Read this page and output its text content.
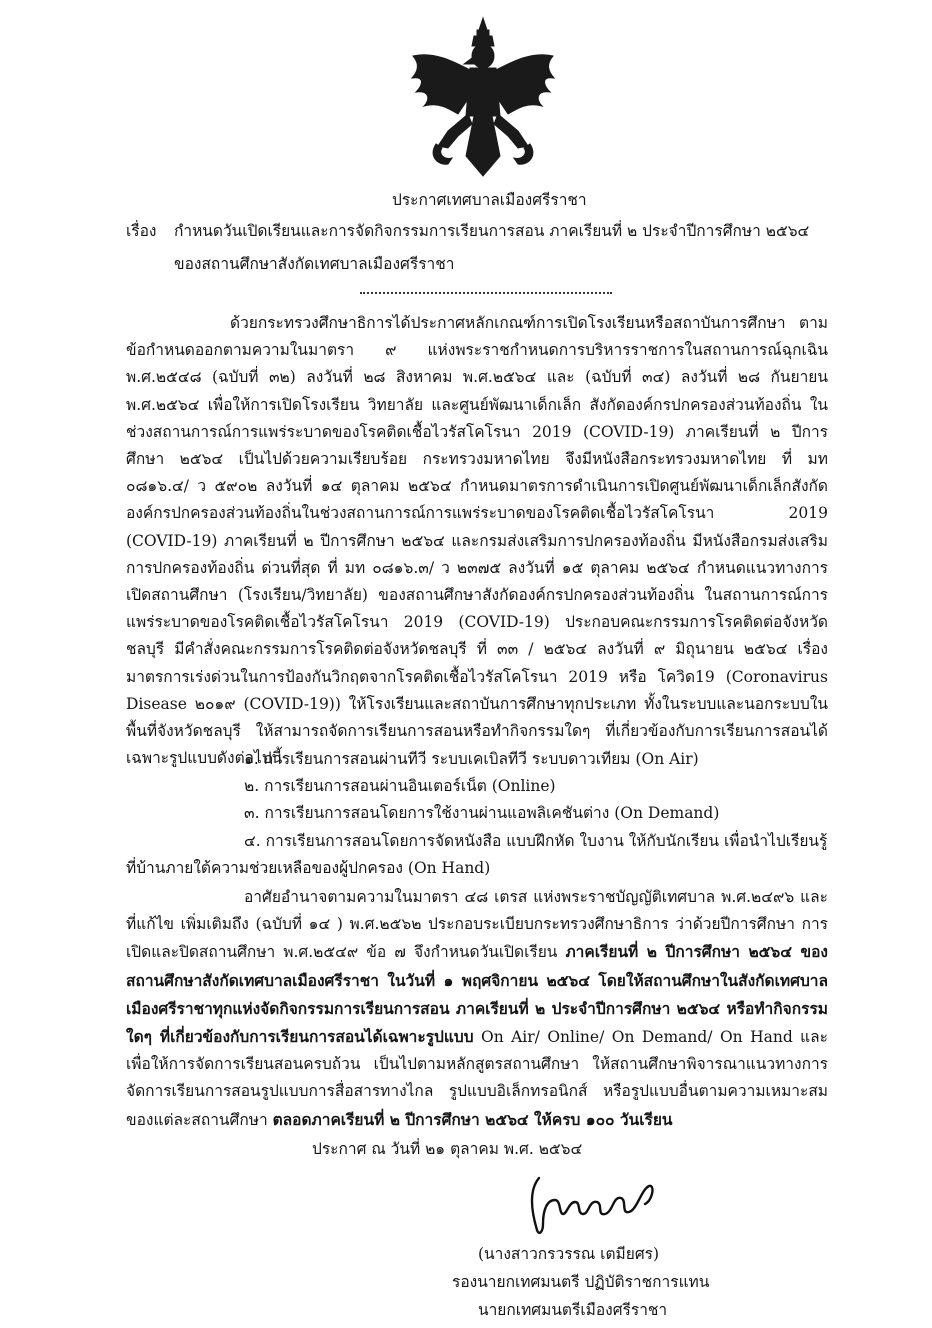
ประกาศเทศบาลเมืองศรีราชา
เรื่อง กำหนดวันเปิดเรียนและการจัดกิจกรรมการเรียนการสอน ภาคเรียนที่ ๒ ประจำปีการศึกษา ๒๕๖๔
ของสถานศึกษาสังกัดเทศบาลเมืองศรีราชา
ด้วยกระทรวงศึกษาธิการได้ประกาศหลักเกณฑ์การเปิดโรงเรียนหรือสถาบันการศึกษา ตามข้อกำหนดออกตามความในมาตรา ๙ แห่งพระราชกำหนดการบริหารราชการในสถานการณ์ฉุกเฉิน พ.ศ.๒๕๔๘ (ฉบับที่ ๓๒) ลงวันที่ ๒๘ สิงหาคม พ.ศ.๒๕๖๔ และ (ฉบับที่ ๓๔) ลงวันที่ ๒๘ กันยายน พ.ศ.๒๕๖๔ เพื่อให้การเปิดโรงเรียน วิทยาลัย และศูนย์พัฒนาเด็กเล็ก สังกัดองค์กรปกครองส่วนท้องถิ่น ในช่วงสถานการณ์การแพร่ระบาดของโรคติดเชื้อไวรัสโคโรนา 2019 (COVID-19) ภาคเรียนที่ ๒ ปีการศึกษา ๒๕๖๔ เป็นไปด้วยความเรียบร้อย กระทรวงมหาดไทย จึงมีหนังสือกระทรวงมหาดไทย ที่ มท ๐๘๑๖.๔/ ว ๕๙๐๒ ลงวันที่ ๑๔ ตุลาคม ๒๕๖๔ กำหนดมาตรการดำเนินการเปิดศูนย์พัฒนาเด็กเล็กสังกัดองค์กรปกครองส่วนท้องถิ่นในช่วงสถานการณ์การแพร่ระบาดของโรคติดเชื้อไวรัสโคโรนา 2019 (COVID-19) ภาคเรียนที่ ๒ ปีการศึกษา ๒๕๖๔ และกรมส่งเสริมการปกครองท้องถิ่น มีหนังสือกรมส่งเสริมการปกครองท้องถิ่น ด่วนที่สุด ที่ มท ๐๘๑๖.๓/ ว ๒๓๗๕ ลงวันที่ ๑๕ ตุลาคม ๒๕๖๔ กำหนดแนวทางการเปิดสถานศึกษา (โรงเรียน/วิทยาลัย) ของสถานศึกษาสังกัดองค์กรปกครองส่วนท้องถิ่น ในสถานการณ์การแพร่ระบาดของโรคติดเชื้อไวรัสโคโรนา 2019 (COVID-19) ประกอบคณะกรรมการโรคติดต่อจังหวัดชลบุรี มีคำสั่งคณะกรรมการโรคติดต่อจังหวัดชลบุรี ที่ ๓๓ / ๒๕๖๔ ลงวันที่ ๙ มิถุนายน ๒๕๖๔ เรื่อง มาตรการเร่งด่วนในการป้องกันวิกฤตจากโรคติดเชื้อไวรัสโคโรนา 2019 หรือ โควิด19 (Coronavirus Disease ๒๐๑๙ (COVID-19)) ให้โรงเรียนและสถาบันการศึกษาทุกประเภท ทั้งในระบบและนอกระบบในพื้นที่จังหวัดชลบุรี ให้สามารถจัดการเรียนการสอนหรือทำกิจกรรมใดๆ ที่เกี่ยวข้องกับการเรียนการสอนได้เฉพาะรูปแบบดังต่อไปนี้
๑. การเรียนการสอนผ่านทีวี ระบบเคเบิลทีวี ระบบดาวเทียม (On Air)
๒. การเรียนการสอนผ่านอินเตอร์เน็ต (Online)
๓. การเรียนการสอนโดยการใช้งานผ่านแอพลิเคชันต่าง (On Demand)
๔. การเรียนการสอนโดยการจัดหนังสือ แบบฝึกหัด ใบงาน ให้กับนักเรียน เพื่อนำไปเรียนรู้
ที่บ้านภายใต้ความช่วยเหลือของผู้ปกครอง (On Hand)
อาศัยอำนาจตามความในมาตรา ๔๘ เตรส แห่งพระราชบัญญัติเทศบาล พ.ศ.๒๔๙๖ และที่แก้ไข เพิ่มเติมถึง (ฉบับที่ ๑๔ ) พ.ศ.๒๕๖๒ ประกอบระเบียบกระทรวงศึกษาธิการ ว่าด้วยปีการศึกษา การเปิดและปิดสถานศึกษา พ.ศ.๒๕๔๙ ข้อ ๗ จึงกำหนดวันเปิดเรียน ภาคเรียนที่ ๒ ปีการศึกษา ๒๕๖๔ ของสถานศึกษาสังกัดเทศบาลเมืองศรีราชา ในวันที่ ๑ พฤศจิกายน ๒๕๖๔ โดยให้สถานศึกษาในสังกัดเทศบาลเมืองศรีราชาทุกแห่งจัดกิจกรรมการเรียนการสอน ภาคเรียนที่ ๒ ประจำปีการศึกษา ๒๕๖๔ หรือทำกิจกรรมใดๆ ที่เกี่ยวข้องกับการเรียนการสอนได้เฉพาะรูปแบบ On Air/ Online/ On Demand/ On Hand และเพื่อให้การจัดการเรียนสอนครบถ้วน เป็นไปตามหลักสูตรสถานศึกษา ให้สถานศึกษาพิจารณาแนวทางการจัดการเรียนการสอนรูปแบบการสื่อสารทางไกล รูปแบบอิเล็กทรอนิกส์ หรือรูปแบบอื่นตามความเหมาะสมของแต่ละสถานศึกษา ตลอดภาคเรียนที่ ๒ ปีการศึกษา ๒๕๖๔ ให้ครบ ๑๐๐ วันเรียน
ประกาศ ณ วันที่ ๒๑ ตุลาคม พ.ศ. ๒๕๖๔
(นางสาวกรวรรณ เตมียศร)
รองนายกเทศมนตรี ปฏิบัติราชการแทน
นายกเทศมนตรีเมืองศรีราชา
